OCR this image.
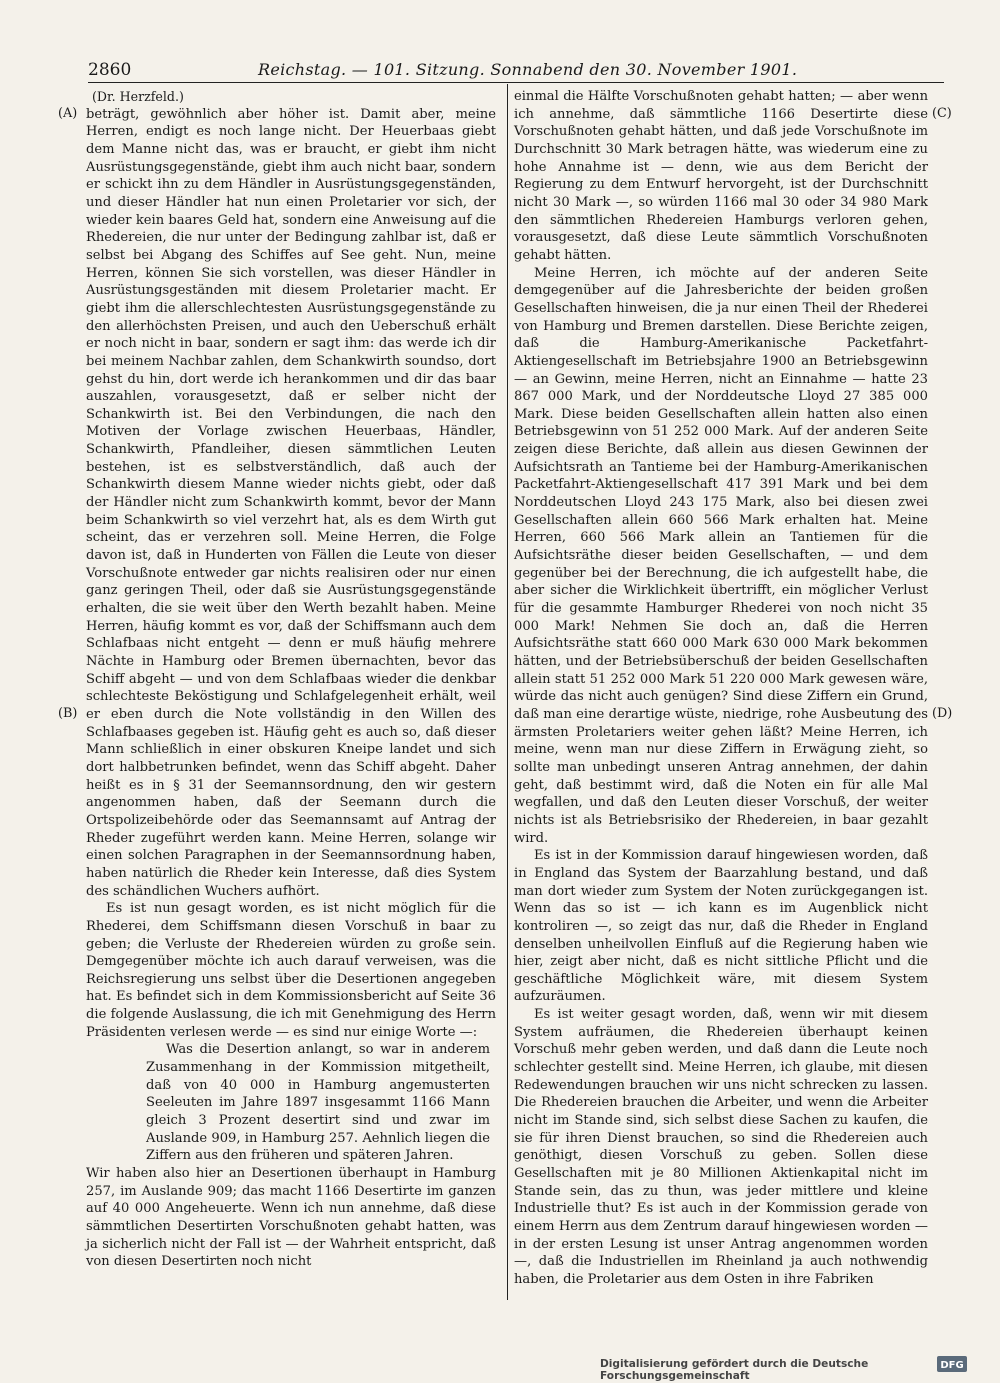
2860	Reichstag. — 101. Sitzung. Sonnabend den 30. November 1901.
(A)
(B)
(C)
(D)
(Dr. Herzfeld.)

beträgt, gewöhnlich aber höher ist. Damit aber, meine Herren, endigt es noch lange nicht. Der Heuerbaas giebt dem Manne nicht das, was er braucht, er giebt ihm nicht Ausrüstungsgegenstände, giebt ihm auch nicht baar, sondern er schickt ihn zu dem Händler in Ausrüstungsgegenständen, und dieser Händler hat nun einen Proletarier vor sich, der wieder kein baares Geld hat, sondern eine Anweisung auf die Rhedereien, die nur unter der Bedingung zahlbar ist, daß er selbst bei Abgang des Schiffes auf See geht. Nun, meine Herren, können Sie sich vorstellen, was dieser Händler in Ausrüstungsgeständen mit diesem Proletarier macht. Er giebt ihm die allerschlechtesten Ausrüstungsgegenstände zu den allerhöchsten Preisen, und auch den Ueberschuß erhält er noch nicht in baar, sondern er sagt ihm: das werde ich dir bei meinem Nachbar zahlen, dem Schankwirth soundso, dort gehst du hin, dort werde ich herankommen und dir das baar auszahlen, vorausgesetzt, daß er selber nicht der Schankwirth ist. Bei den Verbindungen, die nach den Motiven der Vorlage zwischen Heuerbaas, Händler, Schankwirth, Pfandleiher, diesen sämmtlichen Leuten bestehen, ist es selbstverständlich, daß auch der Schankwirth diesem Manne wieder nichts giebt, oder daß der Händler nicht zum Schankwirth kommt, bevor der Mann beim Schankwirth so viel verzehrt hat, als es dem Wirth gut scheint, das er verzehren soll. Meine Herren, die Folge davon ist, daß in Hunderten von Fällen die Leute von dieser Vorschußnote entweder gar nichts realisiren oder nur einen ganz geringen Theil, oder daß sie Ausrüstungsgegenstände erhalten, die sie weit über den Werth bezahlt haben. Meine Herren, häufig kommt es vor, daß der Schiffsmann auch dem Schlafbaas nicht entgeht — denn er muß häufig mehrere Nächte in Hamburg oder Bremen übernachten, bevor das Schiff abgeht — und von dem Schlafbaas wieder die denkbar schlechteste Beköstigung und Schlafgelegenheit erhält, weil er eben durch die Note vollständig in den Willen des Schlafbaases gegeben ist. Häufig geht es auch so, daß dieser Mann schließlich in einer obskuren Kneipe landet und sich dort halbbetrunken befindet, wenn das Schiff abgeht. Daher heißt es in § 31 der Seemannsordnung, den wir gestern angenommen haben, daß der Seemann durch die Ortspolizeibehörde oder das Seemannsamt auf Antrag der Rheder zugeführt werden kann. Meine Herren, solange wir einen solchen Paragraphen in der Seemannsordnung haben, haben natürlich die Rheder kein Interesse, daß dies System des schändlichen Wuchers aufhört.

Es ist nun gesagt worden, es ist nicht möglich für die Rhederei, dem Schiffsmann diesen Vorschuß in baar zu geben; die Verluste der Rhedereien würden zu große sein. Demgegenüber möchte ich auch darauf verweisen, was die Reichsregierung uns selbst über die Desertionen angegeben hat. Es befindet sich in dem Kommissionsbericht auf Seite 36 die folgende Auslassung, die ich mit Genehmigung des Herrn Präsidenten verlesen werde — es sind nur einige Worte —:

Was die Desertion anlangt, so war in anderem Zusammenhang in der Kommission mitgetheilt, daß von 40 000 in Hamburg angemusterten Seeleuten im Jahre 1897 insgesammt 1166 Mann gleich 3 Prozent desertirt sind und zwar im Auslande 909, in Hamburg 257. Aehnlich liegen die Ziffern aus den früheren und späteren Jahren.

Wir haben also hier an Desertionen überhaupt in Hamburg 257, im Auslande 909; das macht 1166 Desertirte im ganzen auf 40 000 Angeheuerte. Wenn ich nun annehme, daß diese sämmtlichen Desertirten Vorschußnoten gehabt hatten, was ja sicherlich nicht der Fall ist — der Wahrheit entspricht, daß von diesen Desertirten noch nicht

einmal die Hälfte Vorschußnoten gehabt hatten; — aber wenn ich annehme, daß sämmtliche 1166 Desertirte diese Vorschußnoten gehabt hätten, und daß jede Vorschußnote im Durchschnitt 30 Mark betragen hätte, was wiederum eine zu hohe Annahme ist — denn, wie aus dem Bericht der Regierung zu dem Entwurf hervorgeht, ist der Durchschnitt nicht 30 Mark —, so würden 1166 mal 30 oder 34 980 Mark den sämmtlichen Rhedereien Hamburgs verloren gehen, vorausgesetzt, daß diese Leute sämmtlich Vorschußnoten gehabt hätten.

Meine Herren, ich möchte auf der anderen Seite demgegenüber auf die Jahresberichte der beiden großen Gesellschaften hinweisen, die ja nur einen Theil der Rhederei von Hamburg und Bremen darstellen. Diese Berichte zeigen, daß die Hamburg-Amerikanische Packetfahrt-Aktiengesellschaft im Betriebsjahre 1900 an Betriebsgewinn — an Gewinn, meine Herren, nicht an Einnahme — hatte 23 867 000 Mark, und der Norddeutsche Lloyd 27 385 000 Mark. Diese beiden Gesellschaften allein hatten also einen Betriebsgewinn von 51 252 000 Mark. Auf der anderen Seite zeigen diese Berichte, daß allein aus diesen Gewinnen der Aufsichtsrath an Tantieme bei der Hamburg-Amerikanischen Packetfahrt-Aktiengesellschaft 417 391 Mark und bei dem Norddeutschen Lloyd 243 175 Mark, also bei diesen zwei Gesellschaften allein 660 566 Mark erhalten hat. Meine Herren, 660 566 Mark allein an Tantiemen für die Aufsichtsräthe dieser beiden Gesellschaften, — und dem gegenüber bei der Berechnung, die ich aufgestellt habe, die aber sicher die Wirklichkeit übertrifft, ein möglicher Verlust für die gesammte Hamburger Rhederei von noch nicht 35 000 Mark! Nehmen Sie doch an, daß die Herren Aufsichtsräthe statt 660 000 Mark 630 000 Mark bekommen hätten, und der Betriebsüberschuß der beiden Gesellschaften allein statt 51 252 000 Mark 51 220 000 Mark gewesen wäre, würde das nicht auch genügen? Sind diese Ziffern ein Grund, daß man eine derartige wüste, niedrige, rohe Ausbeutung des ärmsten Proletariers weiter gehen läßt? Meine Herren, ich meine, wenn man nur diese Ziffern in Erwägung zieht, so sollte man unbedingt unseren Antrag annehmen, der dahin geht, daß bestimmt wird, daß die Noten ein für alle Mal wegfallen, und daß den Leuten dieser Vorschuß, der weiter nichts ist als Betriebsrisiko der Rhedereien, in baar gezahlt wird.

Es ist in der Kommission darauf hingewiesen worden, daß in England das System der Baarzahlung bestand, und daß man dort wieder zum System der Noten zurückgegangen ist. Wenn das so ist — ich kann es im Augenblick nicht kontroliren —, so zeigt das nur, daß die Rheder in England denselben unheilvollen Einfluß auf die Regierung haben wie hier, zeigt aber nicht, daß es nicht sittliche Pflicht und die geschäftliche Möglichkeit wäre, mit diesem System aufzuräumen.

Es ist weiter gesagt worden, daß, wenn wir mit diesem System aufräumen, die Rhedereien überhaupt keinen Vorschuß mehr geben werden, und daß dann die Leute noch schlechter gestellt sind. Meine Herren, ich glaube, mit diesen Redewendungen brauchen wir uns nicht schrecken zu lassen. Die Rhedereien brauchen die Arbeiter, und wenn die Arbeiter nicht im Stande sind, sich selbst diese Sachen zu kaufen, die sie für ihren Dienst brauchen, so sind die Rhedereien auch genöthigt, diesen Vorschuß zu geben. Sollen diese Gesellschaften mit je 80 Millionen Aktienkapital nicht im Stande sein, das zu thun, was jeder mittlere und kleine Industrielle thut? Es ist auch in der Kommission gerade von einem Herrn aus dem Zentrum darauf hingewiesen worden — in der ersten Lesung ist unser Antrag angenommen worden —, daß die Industriellen im Rheinland ja auch nothwendig haben, die Proletarier aus dem Osten in ihre Fabriken

Digitalisierung gefördert durch die Deutsche Forschungsgemeinschaft
DFG
